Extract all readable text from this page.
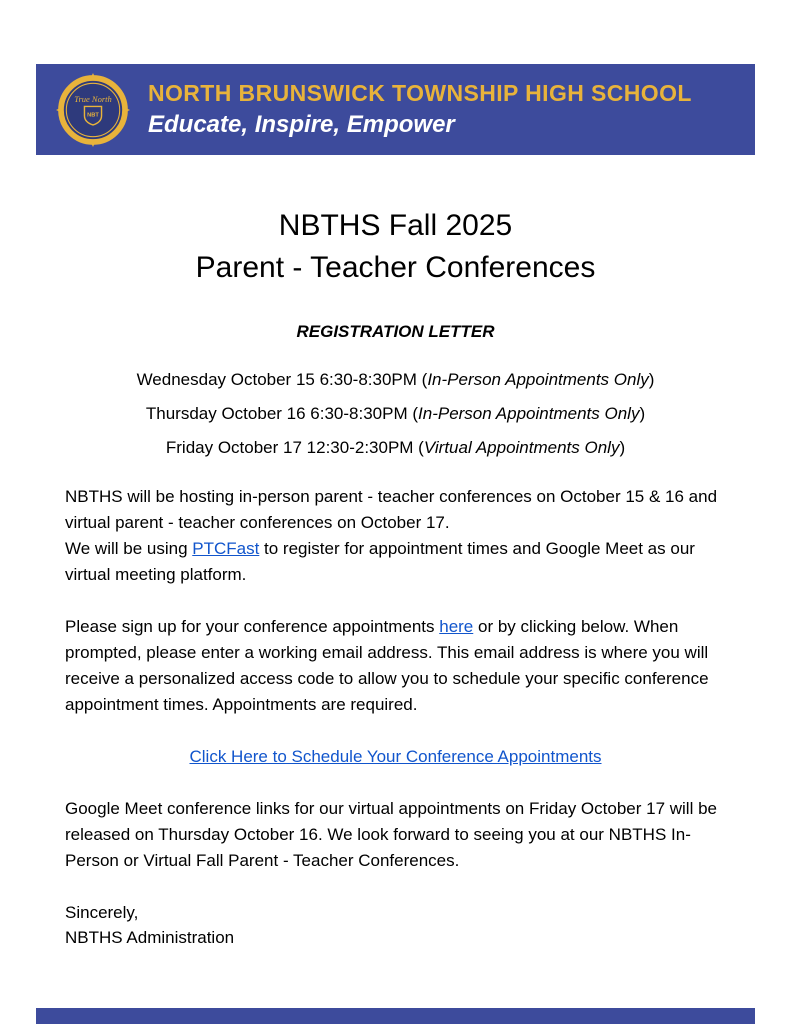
True North
NBT
NORTH BRUNSWICK TOWNSHIP HIGH SCHOOL
Educate, Inspire, Empower
NBTHS Fall 2025
Parent - Teacher Conferences
REGISTRATION LETTER
Wednesday October 15 6:30-8:30PM (In-Person Appointments Only)
Thursday October 16 6:30-8:30PM (In-Person Appointments Only)
Friday October 17 12:30-2:30PM (Virtual Appointments Only)

NBTHS will be hosting in-person parent - teacher conferences on October 15 & 16 and virtual parent - teacher conferences on October 17.
We will be using PTCFast to register for appointment times and Google Meet as our virtual meeting platform.

Please sign up for your conference appointments here or by clicking below. When prompted, please enter a working email address. This email address is where you will receive a personalized access code to allow you to schedule your specific conference appointment times. Appointments are required.

Click Here to Schedule Your Conference Appointments

Google Meet conference links for our virtual appointments on Friday October 17 will be released on Thursday October 16. We look forward to seeing you at our NBTHS In-Person or Virtual Fall Parent - Teacher Conferences.

Sincerely,
NBTHS Administration
